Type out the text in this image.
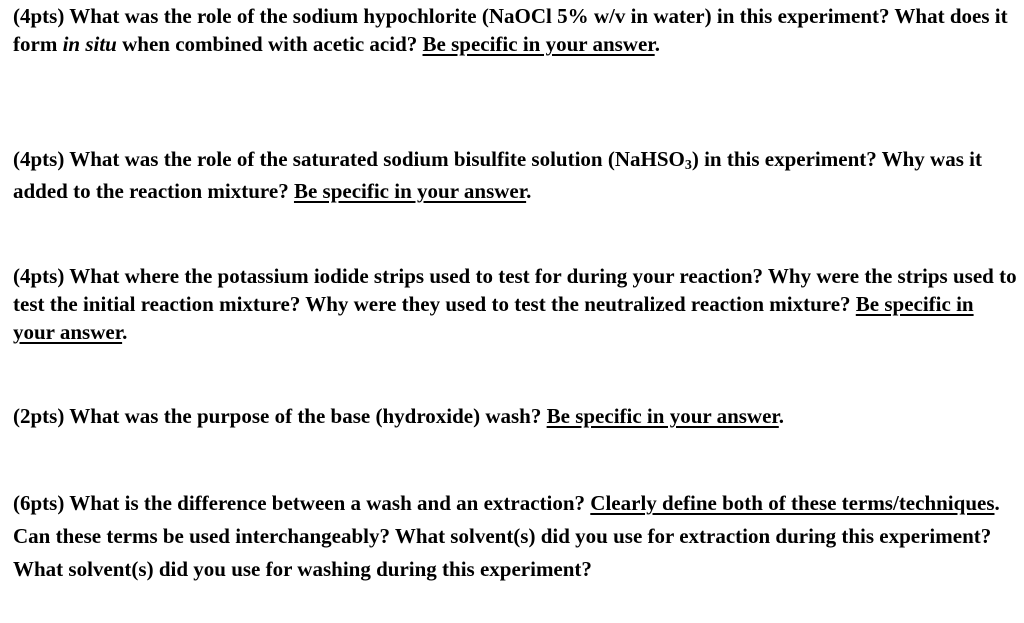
(4pts) What was the role of the sodium hypochlorite (NaOCl 5% w/v in water) in this experiment? What does it form in situ when combined with acetic acid? Be specific in your answer.

(4pts) What was the role of the saturated sodium bisulfite solution (NaHSO$_3$) in this experiment? Why was it added to the reaction mixture? Be specific in your answer.

(4pts) What where the potassium iodide strips used to test for during your reaction? Why were the strips used to test the initial reaction mixture? Why were they used to test the neutralized reaction mixture? Be specific in your answer.

(2pts) What was the purpose of the base (hydroxide) wash? Be specific in your answer.

(6pts) What is the difference between a wash and an extraction? Clearly define both of these terms/techniques. Can these terms be used interchangeably? What solvent(s) did you use for extraction during this experiment? What solvent(s) did you use for washing during this experiment?
